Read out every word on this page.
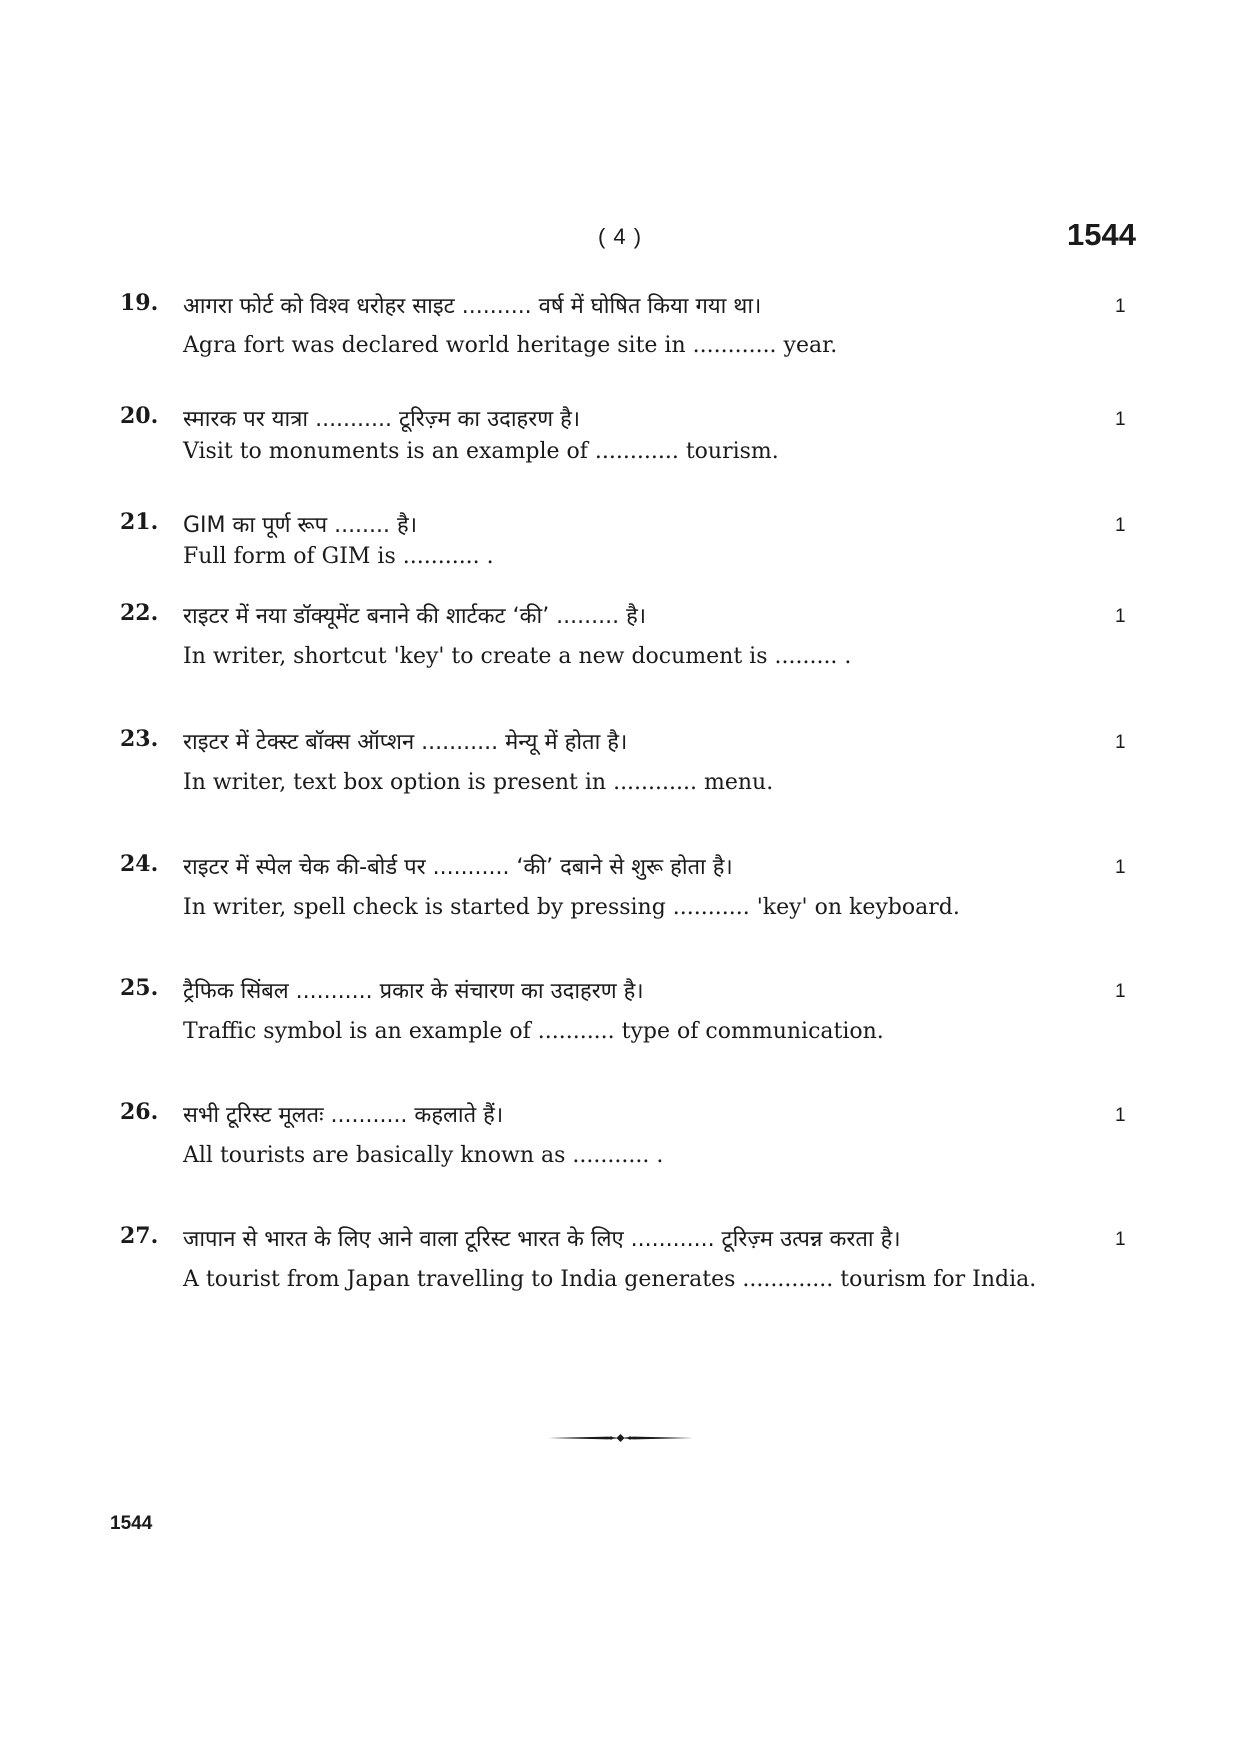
( 4 )	1544
19. आगरा फोर्ट को विश्व धरोहर साइट .......... वर्ष में घोषित किया गया था।
Agra fort was declared world heritage site in ............ year.
1
20. स्मारक पर यात्रा ........... टूरिज़्म का उदाहरण है।
Visit to monuments is an example of ............ tourism.
1
21. GIM का पूर्ण रूप ........ है।
Full form of GIM is ........... .
1
22. राइटर में नया डॉक्यूमेंट बनाने की शार्टकट ‘की’ ......... है।
In writer, shortcut 'key' to create a new document is ......... .
1
23. राइटर में टेक्स्ट बॉक्स ऑप्शन ........... मेन्यू में होता है।
In writer, text box option is present in ............ menu.
1
24. राइटर में स्पेल चेक की-बोर्ड पर ........... ‘की’ दबाने से शुरू होता है।
In writer, spell check is started by pressing ........... 'key' on keyboard.
1
25. ट्रैफिक सिंबल ........... प्रकार के संचारण का उदाहरण है।
Traffic symbol is an example of ........... type of communication.
1
26. सभी टूरिस्ट मूलतः ........... कहलाते हैं।
All tourists are basically known as ........... .
1
27. जापान से भारत के लिए आने वाला टूरिस्ट भारत के लिए ............ टूरिज़्म उत्पन्न करता है।
A tourist from Japan travelling to India generates ............. tourism for India.
1
1544
